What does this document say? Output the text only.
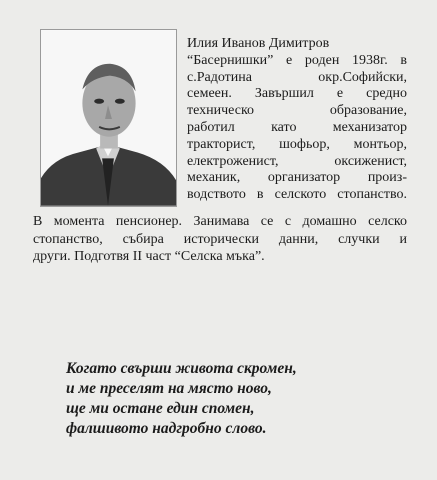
Илия Иванов Димитров
“Басернишки” е роден 1938г. в
с.Радотина окр.Софийски,
семеен. Завършил е средно
техническо образование,
работил като механизатор
тракторист, шофьор, монтьор,
електроженист, оксиженист,
механик, организатор произ-
водството в селското стопанство.
В момента пенсионер. Занимава се с домашно селско
стопанство, събира исторически данни, случки и
други. Подготвя II част “Селска мъка”.
Когато свърши живота скромен,
и ме преселят на място ново,
ще ми остане един спомен,
фалшивото надгробно слово.
